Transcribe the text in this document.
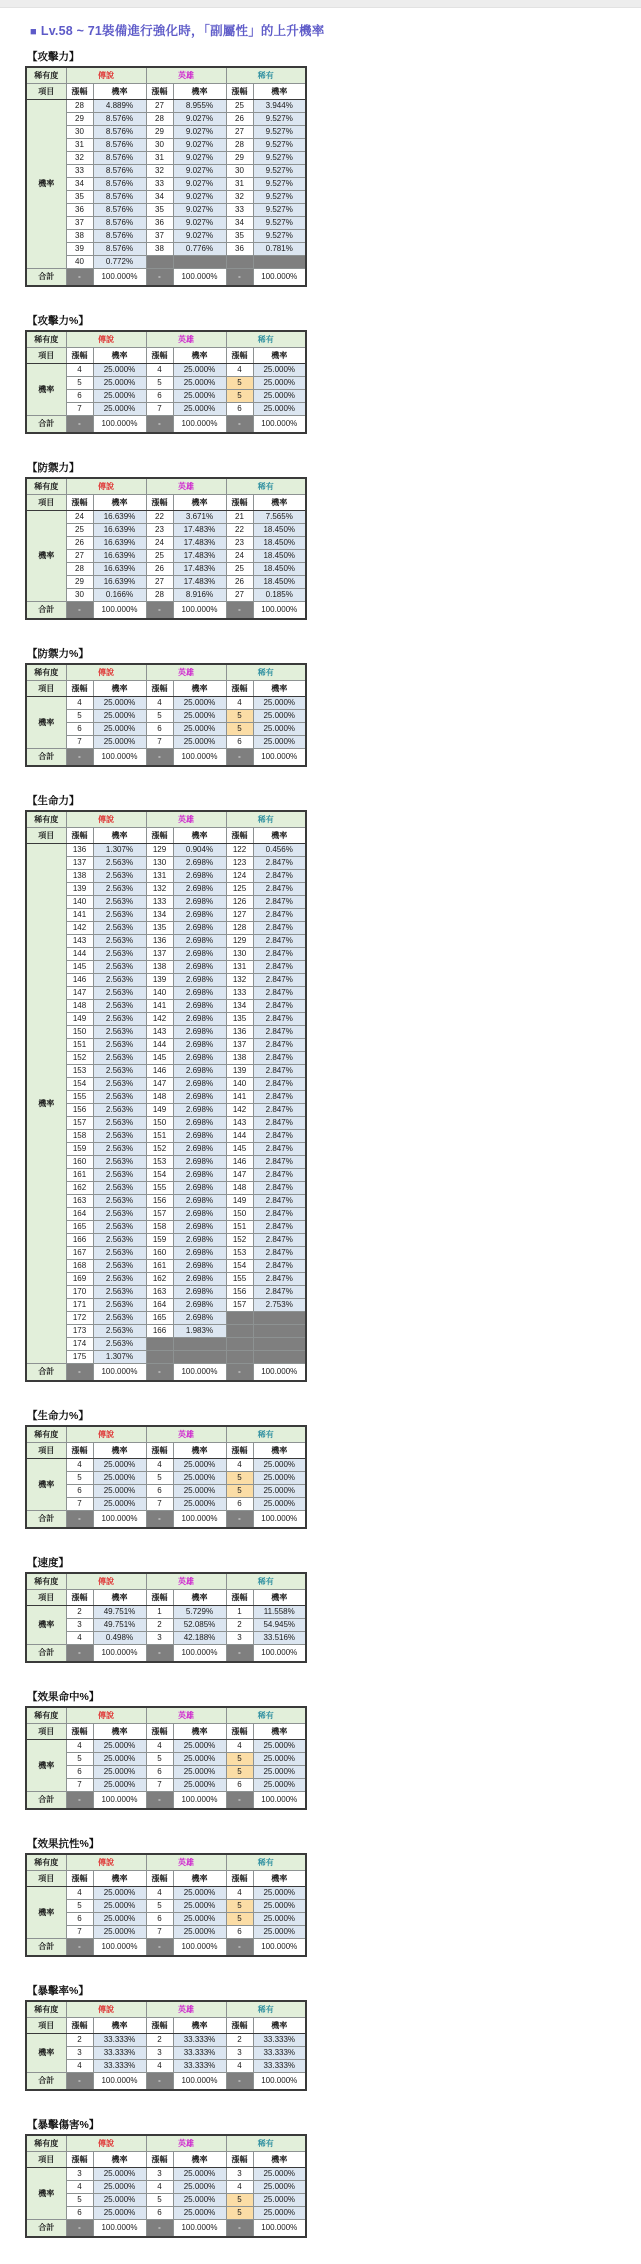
■ Lv.58 ~ 71裝備進行強化時，「副屬性」的上升機率
【攻擊力】
稀有度	傳說		英雄		稀有	
項目	漲幅	機率	漲幅	機率	漲幅	機率
機率	28	4.889%	27	8.955%	25	3.944%
	29	8.576%	28	9.027%	26	9.527%
	30	8.576%	29	9.027%	27	9.527%
	31	8.576%	30	9.027%	28	9.527%
	32	8.576%	31	9.027%	29	9.527%
	33	8.576%	32	9.027%	30	9.527%
	34	8.576%	33	9.027%	31	9.527%
	35	8.576%	34	9.027%	32	9.527%
	36	8.576%	35	9.027%	33	9.527%
	37	8.576%	36	9.027%	34	9.527%
	38	8.576%	37	9.027%	35	9.527%
	39	8.576%	38	0.776%	36	0.781%
	40	0.772%				
合計	-	100.000%	-	100.000%	-	100.000%
【攻擊力%】
稀有度	傳說		英雄		稀有	
項目	漲幅	機率	漲幅	機率	漲幅	機率
機率	4	25.000%	4	25.000%	4	25.000%
	5	25.000%	5	25.000%	5	25.000%
	6	25.000%	6	25.000%	5	25.000%
	7	25.000%	7	25.000%	6	25.000%
合計	-	100.000%	-	100.000%	-	100.000%
【防禦力】
稀有度	傳說		英雄		稀有	
項目	漲幅	機率	漲幅	機率	漲幅	機率
機率	24	16.639%	22	3.671%	21	7.565%
	25	16.639%	23	17.483%	22	18.450%
	26	16.639%	24	17.483%	23	18.450%
	27	16.639%	25	17.483%	24	18.450%
	28	16.639%	26	17.483%	25	18.450%
	29	16.639%	27	17.483%	26	18.450%
	30	0.166%	28	8.916%	27	0.185%
合計	-	100.000%	-	100.000%	-	100.000%
【防禦力%】
稀有度	傳說		英雄		稀有	
項目	漲幅	機率	漲幅	機率	漲幅	機率
機率	4	25.000%	4	25.000%	4	25.000%
	5	25.000%	5	25.000%	5	25.000%
	6	25.000%	6	25.000%	5	25.000%
	7	25.000%	7	25.000%	6	25.000%
合計	-	100.000%	-	100.000%	-	100.000%
【生命力】
稀有度	傳說		英雄		稀有	
項目	漲幅	機率	漲幅	機率	漲幅	機率
機率	136	1.307%	129	0.904%	122	0.456%
	137	2.563%	130	2.698%	123	2.847%
	138	2.563%	131	2.698%	124	2.847%
	139	2.563%	132	2.698%	125	2.847%
	140	2.563%	133	2.698%	126	2.847%
	141	2.563%	134	2.698%	127	2.847%
	142	2.563%	135	2.698%	128	2.847%
	143	2.563%	136	2.698%	129	2.847%
	144	2.563%	137	2.698%	130	2.847%
	145	2.563%	138	2.698%	131	2.847%
	146	2.563%	139	2.698%	132	2.847%
	147	2.563%	140	2.698%	133	2.847%
	148	2.563%	141	2.698%	134	2.847%
	149	2.563%	142	2.698%	135	2.847%
	150	2.563%	143	2.698%	136	2.847%
	151	2.563%	144	2.698%	137	2.847%
	152	2.563%	145	2.698%	138	2.847%
	153	2.563%	146	2.698%	139	2.847%
	154	2.563%	147	2.698%	140	2.847%
	155	2.563%	148	2.698%	141	2.847%
	156	2.563%	149	2.698%	142	2.847%
	157	2.563%	150	2.698%	143	2.847%
	158	2.563%	151	2.698%	144	2.847%
	159	2.563%	152	2.698%	145	2.847%
	160	2.563%	153	2.698%	146	2.847%
	161	2.563%	154	2.698%	147	2.847%
	162	2.563%	155	2.698%	148	2.847%
	163	2.563%	156	2.698%	149	2.847%
	164	2.563%	157	2.698%	150	2.847%
	165	2.563%	158	2.698%	151	2.847%
	166	2.563%	159	2.698%	152	2.847%
	167	2.563%	160	2.698%	153	2.847%
	168	2.563%	161	2.698%	154	2.847%
	169	2.563%	162	2.698%	155	2.847%
	170	2.563%	163	2.698%	156	2.847%
	171	2.563%	164	2.698%	157	2.753%
	172	2.563%	165	2.698%		
	173	2.563%	166	1.983%		
	174	2.563%				
	175	1.307%				
合計	-	100.000%	-	100.000%	-	100.000%
【生命力%】
稀有度	傳說		英雄		稀有	
項目	漲幅	機率	漲幅	機率	漲幅	機率
機率	4	25.000%	4	25.000%	4	25.000%
	5	25.000%	5	25.000%	5	25.000%
	6	25.000%	6	25.000%	5	25.000%
	7	25.000%	7	25.000%	6	25.000%
合計	-	100.000%	-	100.000%	-	100.000%
【速度】
稀有度	傳說		英雄		稀有	
項目	漲幅	機率	漲幅	機率	漲幅	機率
機率	2	49.751%	1	5.729%	1	11.558%
	3	49.751%	2	52.085%	2	54.945%
	4	0.498%	3	42.188%	3	33.516%
合計	-	100.000%	-	100.000%	-	100.000%
【效果命中%】
稀有度	傳說		英雄		稀有	
項目	漲幅	機率	漲幅	機率	漲幅	機率
機率	4	25.000%	4	25.000%	4	25.000%
	5	25.000%	5	25.000%	5	25.000%
	6	25.000%	6	25.000%	5	25.000%
	7	25.000%	7	25.000%	6	25.000%
合計	-	100.000%	-	100.000%	-	100.000%
【效果抗性%】
稀有度	傳說		英雄		稀有	
項目	漲幅	機率	漲幅	機率	漲幅	機率
機率	4	25.000%	4	25.000%	4	25.000%
	5	25.000%	5	25.000%	5	25.000%
	6	25.000%	6	25.000%	5	25.000%
	7	25.000%	7	25.000%	6	25.000%
合計	-	100.000%	-	100.000%	-	100.000%
【暴擊率%】
稀有度	傳說		英雄		稀有	
項目	漲幅	機率	漲幅	機率	漲幅	機率
機率	2	33.333%	2	33.333%	2	33.333%
	3	33.333%	3	33.333%	3	33.333%
	4	33.333%	4	33.333%	4	33.333%
合計	-	100.000%	-	100.000%	-	100.000%
【暴擊傷害%】
稀有度	傳說		英雄		稀有	
項目	漲幅	機率	漲幅	機率	漲幅	機率
機率	3	25.000%	3	25.000%	3	25.000%
	4	25.000%	4	25.000%	4	25.000%
	5	25.000%	5	25.000%	5	25.000%
	6	25.000%	6	25.000%	5	25.000%
合計	-	100.000%	-	100.000%	-	100.000%
